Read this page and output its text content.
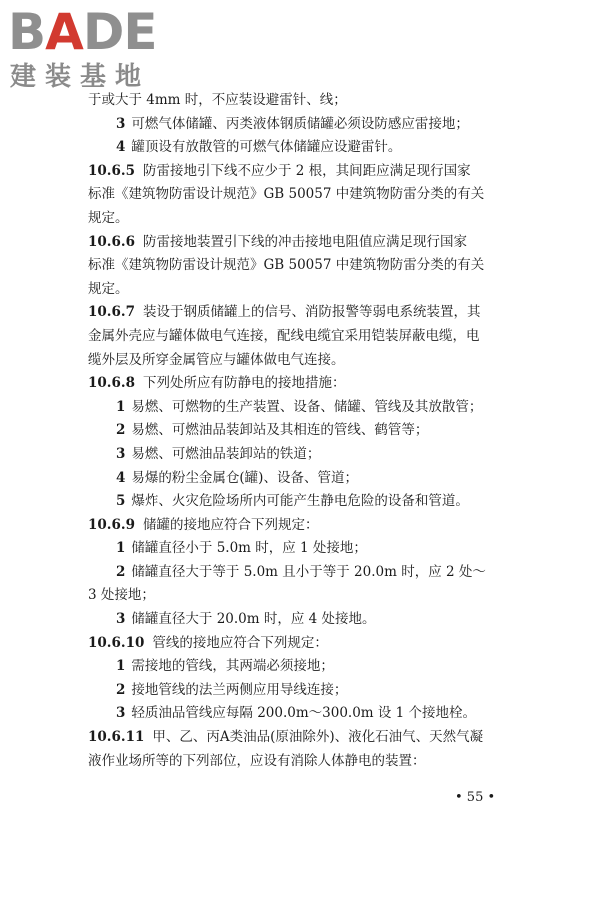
BADE
建装基地
于或大于 4mm 时，不应装设避雷针、线；
3 可燃气体储罐、丙类液体钢质储罐必须设防感应雷接地；
4 罐顶设有放散管的可燃气体储罐应设避雷针。
10.6.5 防雷接地引下线不应少于 2 根，其间距应满足现行国家
标准《建筑物防雷设计规范》GB 50057 中建筑物防雷分类的有关
规定。
10.6.6 防雷接地装置引下线的冲击接地电阻值应满足现行国家
标准《建筑物防雷设计规范》GB 50057 中建筑物防雷分类的有关
规定。
10.6.7 装设于钢质储罐上的信号、消防报警等弱电系统装置，其
金属外壳应与罐体做电气连接，配线电缆宜采用铠装屏蔽电缆，电
缆外层及所穿金属管应与罐体做电气连接。
10.6.8 下列处所应有防静电的接地措施：
1 易燃、可燃物的生产装置、设备、储罐、管线及其放散管；
2 易燃、可燃油品装卸站及其相连的管线、鹤管等；
3 易燃、可燃油品装卸站的铁道；
4 易爆的粉尘金属仓(罐)、设备、管道；
5 爆炸、火灾危险场所内可能产生静电危险的设备和管道。
10.6.9 储罐的接地应符合下列规定：
1 储罐直径小于 5.0m 时，应 1 处接地；
2 储罐直径大于等于 5.0m 且小于等于 20.0m 时，应 2 处～
3 处接地；
3 储罐直径大于 20.0m 时，应 4 处接地。
10.6.10 管线的接地应符合下列规定：
1 需接地的管线，其两端必须接地；
2 接地管线的法兰两侧应用导线连接；
3 轻质油品管线应每隔 200.0m～300.0m 设 1 个接地栓。
10.6.11 甲、乙、丙A类油品(原油除外)、液化石油气、天然气凝
液作业场所等的下列部位，应设有消除人体静电的装置：
• 55 •
